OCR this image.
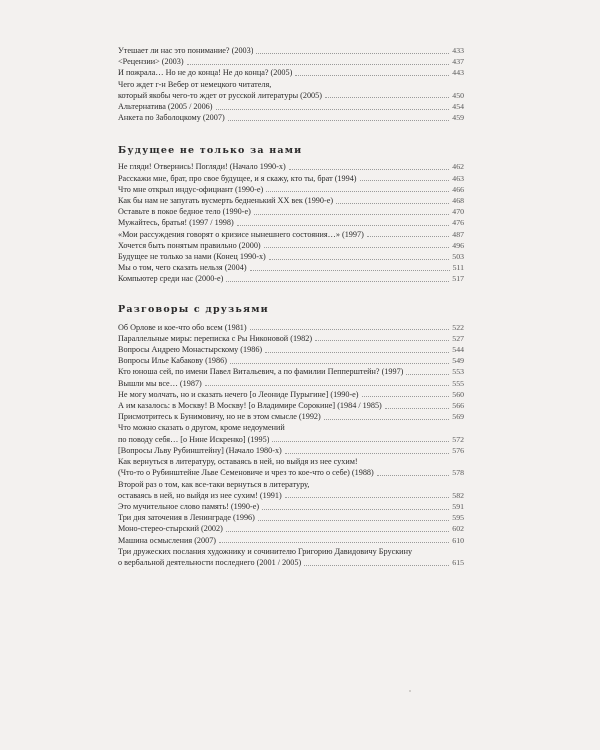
Утешает ли нас это понимание? (2003)	433
<Рецензии> (2003)	437
И пожрала… Но не до конца! Не до конца? (2005)	443
Чего ждет г-н Вебер от немецкого читателя,
который якобы чего-то ждет от русской литературы (2005)	450
Альтернатива (2005 / 2006)	454
Анкета по Заболоцкому (2007)	459
Будущее не только за нами
Не гляди! Отвернись! Погляди! (Начало 1990-х)	462
Расскажи мне, брат, про свое будущее, и я скажу, кто ты, брат (1994)	463
Что мне открыл индус-официант (1990-е)	466
Как бы нам не запугать вусмерть бедненький XX век (1990-е)	468
Оставьте в покое бедное тело (1990-е)	470
Мужайтесь, братья! (1997 / 1998)	476
«Мои рассуждения говорят о кризисе нынешнего состояния…» (1997)	487
Хочется быть понятым правильно (2000)	496
Будущее не только за нами (Конец 1990-х)	503
Мы о том, чего сказать нельзя (2004)	511
Компьютер среди нас (2000-е)	517
Разговоры с друзьями
Об Орлове и кое-что обо всем (1981)	522
Параллельные миры: переписка с Ры Никоновой (1982)	527
Вопросы Андрею Монастырскому (1986)	544
Вопросы Илье Кабакову (1986)	549
Кто юноша сей, по имени Павел Витальевич, а по фамилии Пепперштейн? (1997)	553
Вышли мы все… (1987)	555
Не могу молчать, но и сказать нечего [о Леониде Пурыгине] (1990-е)	560
А им казалось: в Москву! В Москву! [о Владимире Сорокине] (1984 / 1985)	566
Присмотритесь к Бунимовичу, но не в этом смысле (1992)	569
Что можно сказать о другом, кроме недоумений
по поводу себя… [о Нине Искренко] (1995)	572
[Вопросы Льву Рубинштейну] (Начало 1980-х)	576
Как вернуться в литературу, оставаясь в ней, но выйдя из нее сухим!
(Что-то о Рубинштейне Льве Семеновиче и чрез то кое-что о себе) (1988)	578
Второй раз о том, как все-таки вернуться в литературу,
оставаясь в ней, но выйдя из нее сухим! (1991)	582
Это мучительное слово память! (1990-е)	591
Три дня заточения в Ленинграде (1996)	595
Моно-стерео-стырский (2002)	602
Машина осмысления (2007)	610
Три дружеских послания художнику и сочинителю Григорию Давидовичу Брускину
о вербальной деятельности последнего (2001 / 2005)	615
